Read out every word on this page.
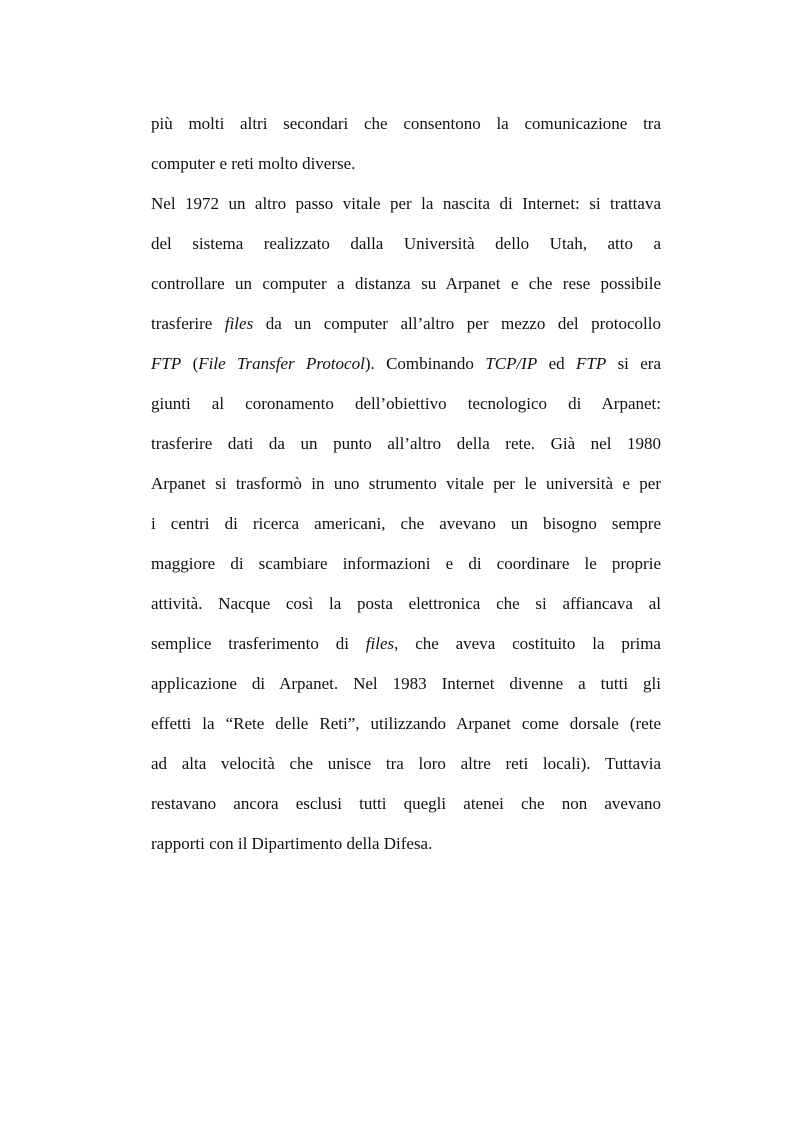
più molti altri secondari che consentono la comunicazione tra
computer e reti molto diverse.
Nel 1972 un altro passo vitale per la nascita di Internet: si trattava
del sistema realizzato dalla Università dello Utah, atto a
controllare un computer a distanza su Arpanet e che rese possibile
trasferire files da un computer all’altro per mezzo del protocollo
FTP (File Transfer Protocol). Combinando TCP/IP ed FTP si era
giunti al coronamento dell’obiettivo tecnologico di Arpanet:
trasferire dati da un punto all’altro della rete. Già nel 1980
Arpanet si trasformò in uno strumento vitale per le università e per
i centri di ricerca americani, che avevano un bisogno sempre
maggiore di scambiare informazioni e di coordinare le proprie
attività. Nacque così la posta elettronica che si affiancava al
semplice trasferimento di files, che aveva costituito la prima
applicazione di Arpanet. Nel 1983 Internet divenne a tutti gli
effetti la “Rete delle Reti”, utilizzando Arpanet come dorsale (rete
ad alta velocità che unisce tra loro altre reti locali). Tuttavia
restavano ancora esclusi tutti quegli atenei che non avevano
rapporti con il Dipartimento della Difesa.
